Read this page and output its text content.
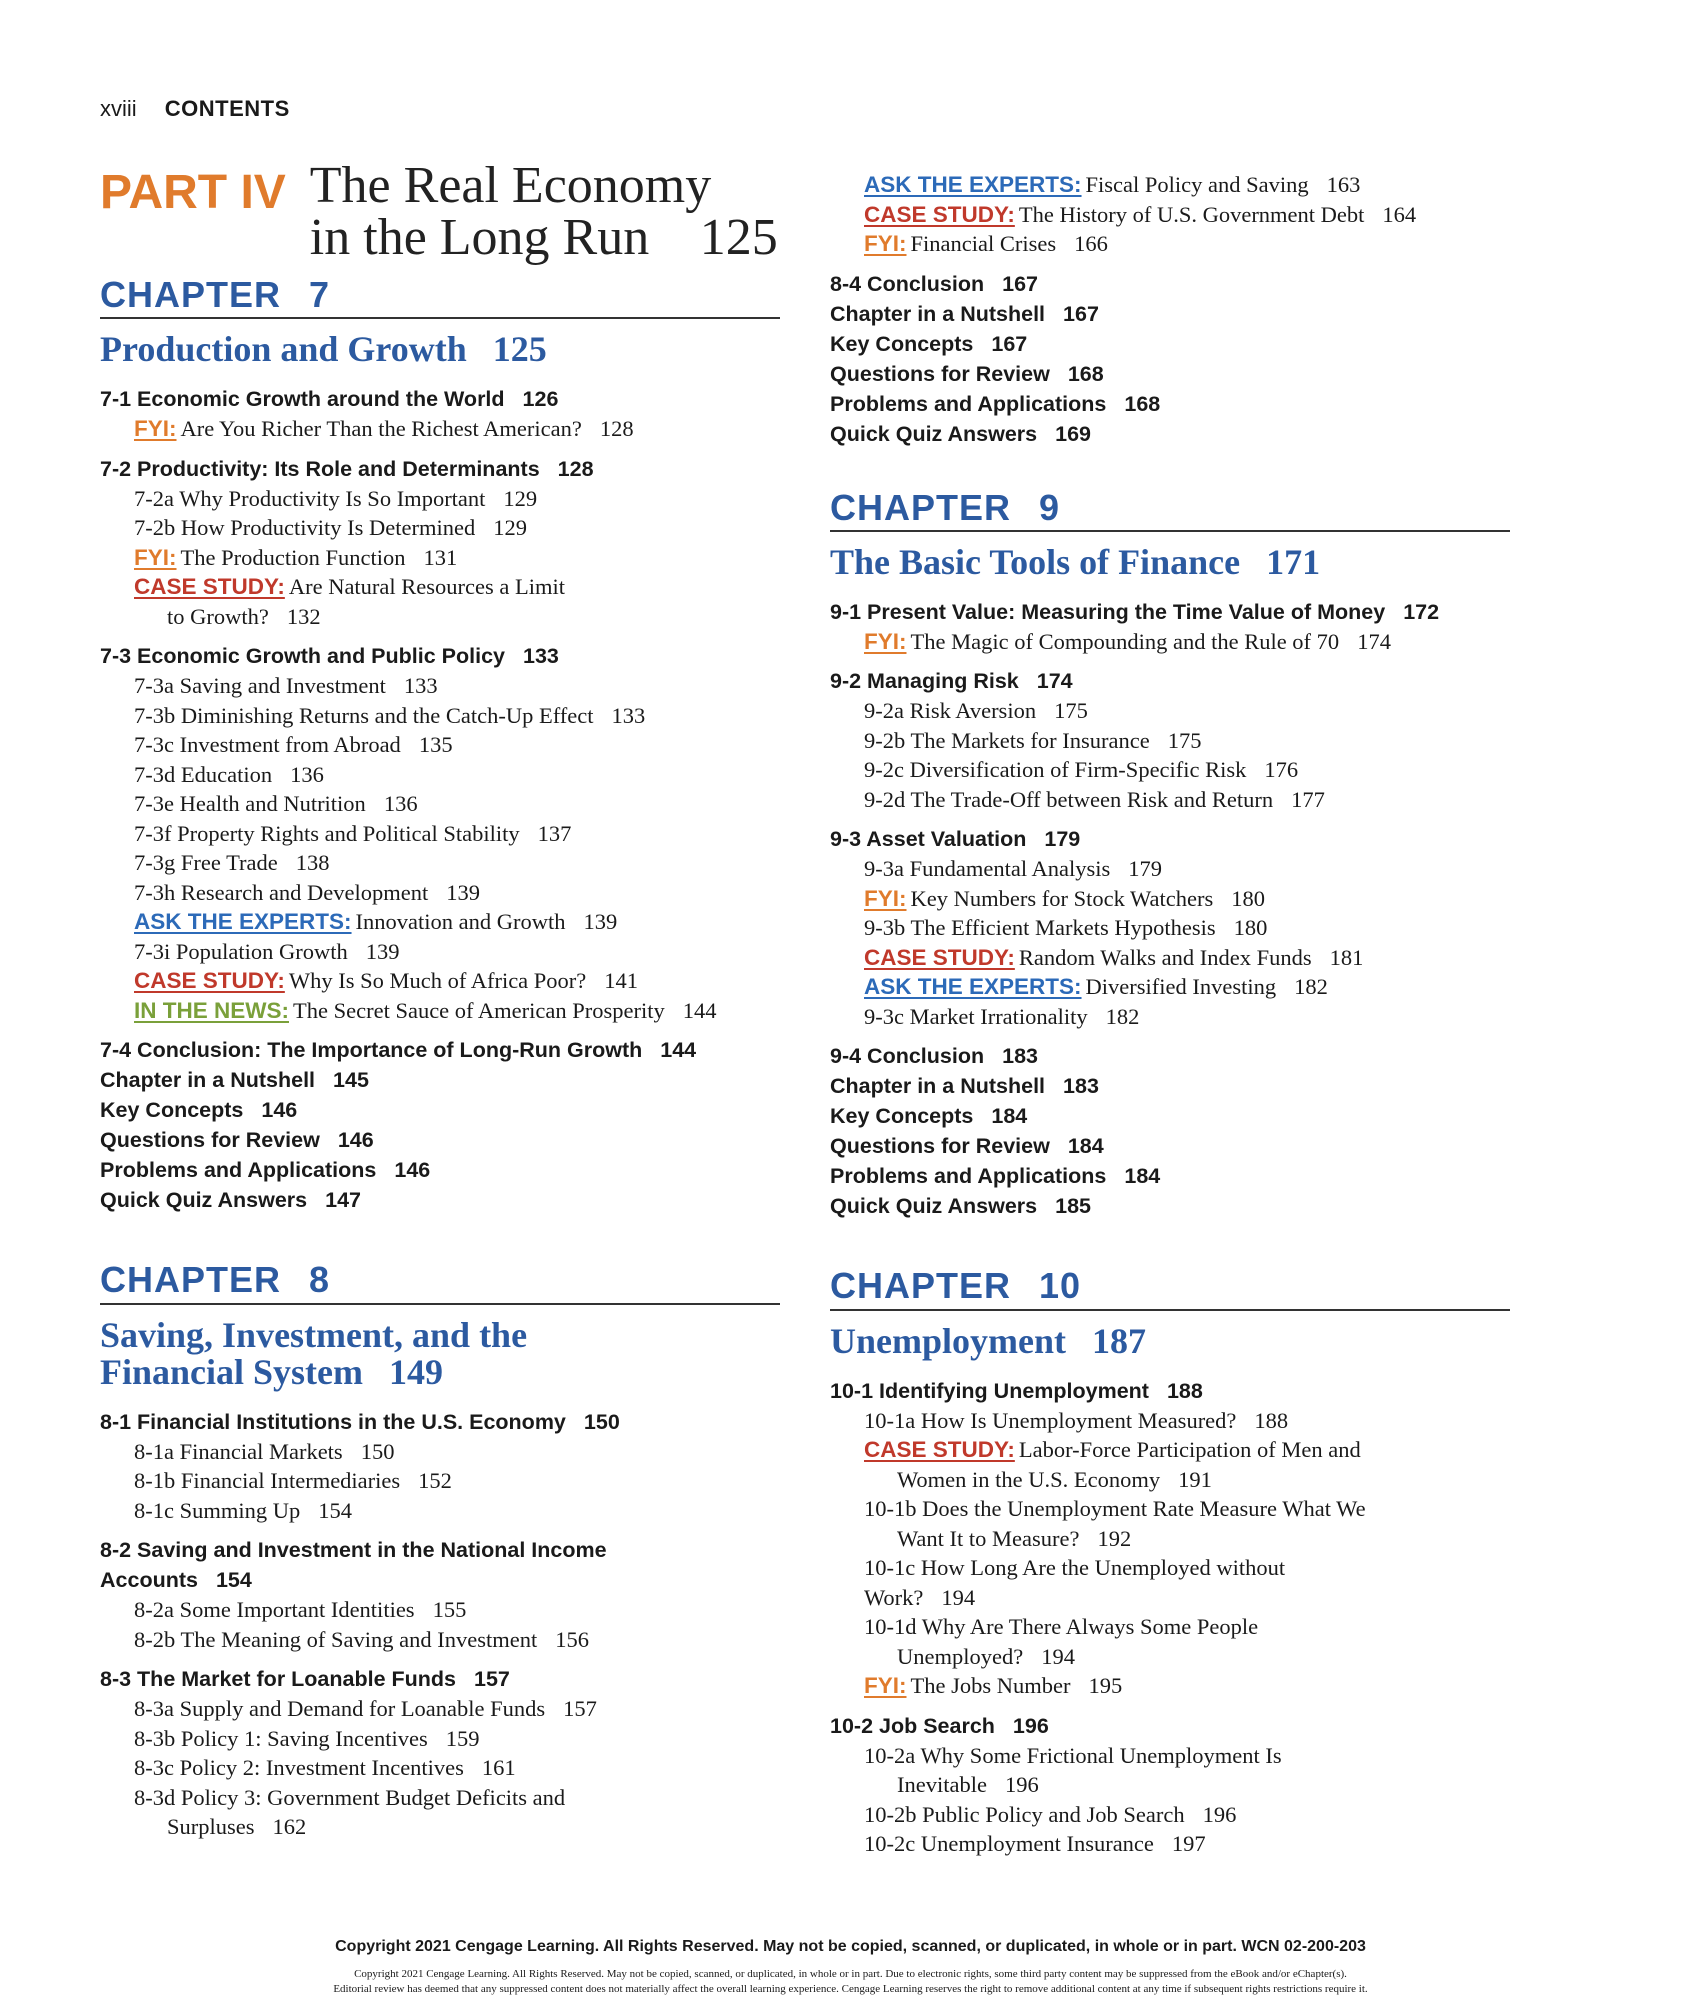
xviii CONTENTS
PART IV The Real Economy
in the Long Run 125
CHAPTER 7
Production and Growth 125
7-1 Economic Growth around the World 126
FYI: Are You Richer Than the Richest American? 128
7-2 Productivity: Its Role and Determinants 128
7-2a Why Productivity Is So Important 129
7-2b How Productivity Is Determined 129
FYI: The Production Function 131
CASE STUDY: Are Natural Resources a Limit
to Growth? 132
7-3 Economic Growth and Public Policy 133
7-3a Saving and Investment 133
7-3b Diminishing Returns and the Catch-Up Effect 133
7-3c Investment from Abroad 135
7-3d Education 136
7-3e Health and Nutrition 136
7-3f Property Rights and Political Stability 137
7-3g Free Trade 138
7-3h Research and Development 139
ASK THE EXPERTS: Innovation and Growth 139
7-3i Population Growth 139
CASE STUDY: Why Is So Much of Africa Poor? 141
IN THE NEWS: The Secret Sauce of American Prosperity 144
7-4 Conclusion: The Importance of Long-Run Growth 144
Chapter in a Nutshell 145
Key Concepts 146
Questions for Review 146
Problems and Applications 146
Quick Quiz Answers 147
CHAPTER 8
Saving, Investment, and the
Financial System 149
8-1 Financial Institutions in the U.S. Economy 150
8-1a Financial Markets 150
8-1b Financial Intermediaries 152
8-1c Summing Up 154
8-2 Saving and Investment in the National Income
Accounts 154
8-2a Some Important Identities 155
8-2b The Meaning of Saving and Investment 156
8-3 The Market for Loanable Funds 157
8-3a Supply and Demand for Loanable Funds 157
8-3b Policy 1: Saving Incentives 159
8-3c Policy 2: Investment Incentives 161
8-3d Policy 3: Government Budget Deficits and
Surpluses 162
ASK THE EXPERTS: Fiscal Policy and Saving 163
CASE STUDY: The History of U.S. Government Debt 164
FYI: Financial Crises 166
8-4 Conclusion 167
Chapter in a Nutshell 167
Key Concepts 167
Questions for Review 168
Problems and Applications 168
Quick Quiz Answers 169
CHAPTER 9
The Basic Tools of Finance 171
9-1 Present Value: Measuring the Time Value of Money 172
FYI: The Magic of Compounding and the Rule of 70 174
9-2 Managing Risk 174
9-2a Risk Aversion 175
9-2b The Markets for Insurance 175
9-2c Diversification of Firm-Specific Risk 176
9-2d The Trade-Off between Risk and Return 177
9-3 Asset Valuation 179
9-3a Fundamental Analysis 179
FYI: Key Numbers for Stock Watchers 180
9-3b The Efficient Markets Hypothesis 180
CASE STUDY: Random Walks and Index Funds 181
ASK THE EXPERTS: Diversified Investing 182
9-3c Market Irrationality 182
9-4 Conclusion 183
Chapter in a Nutshell 183
Key Concepts 184
Questions for Review 184
Problems and Applications 184
Quick Quiz Answers 185
CHAPTER 10
Unemployment 187
10-1 Identifying Unemployment 188
10-1a How Is Unemployment Measured? 188
CASE STUDY: Labor-Force Participation of Men and
Women in the U.S. Economy 191
10-1b Does the Unemployment Rate Measure What We
Want It to Measure? 192
10-1c How Long Are the Unemployed without
Work? 194
10-1d Why Are There Always Some People
Unemployed? 194
FYI: The Jobs Number 195
10-2 Job Search 196
10-2a Why Some Frictional Unemployment Is
Inevitable 196
10-2b Public Policy and Job Search 196
10-2c Unemployment Insurance 197
Copyright 2021 Cengage Learning. All Rights Reserved. May not be copied, scanned, or duplicated, in whole or in part. WCN 02-200-203
Copyright 2021 Cengage Learning. All Rights Reserved. May not be copied, scanned, or duplicated, in whole or in part. Due to electronic rights, some third party content may be suppressed from the eBook and/or eChapter(s).
Editorial review has deemed that any suppressed content does not materially affect the overall learning experience. Cengage Learning reserves the right to remove additional content at any time if subsequent rights restrictions require it.
